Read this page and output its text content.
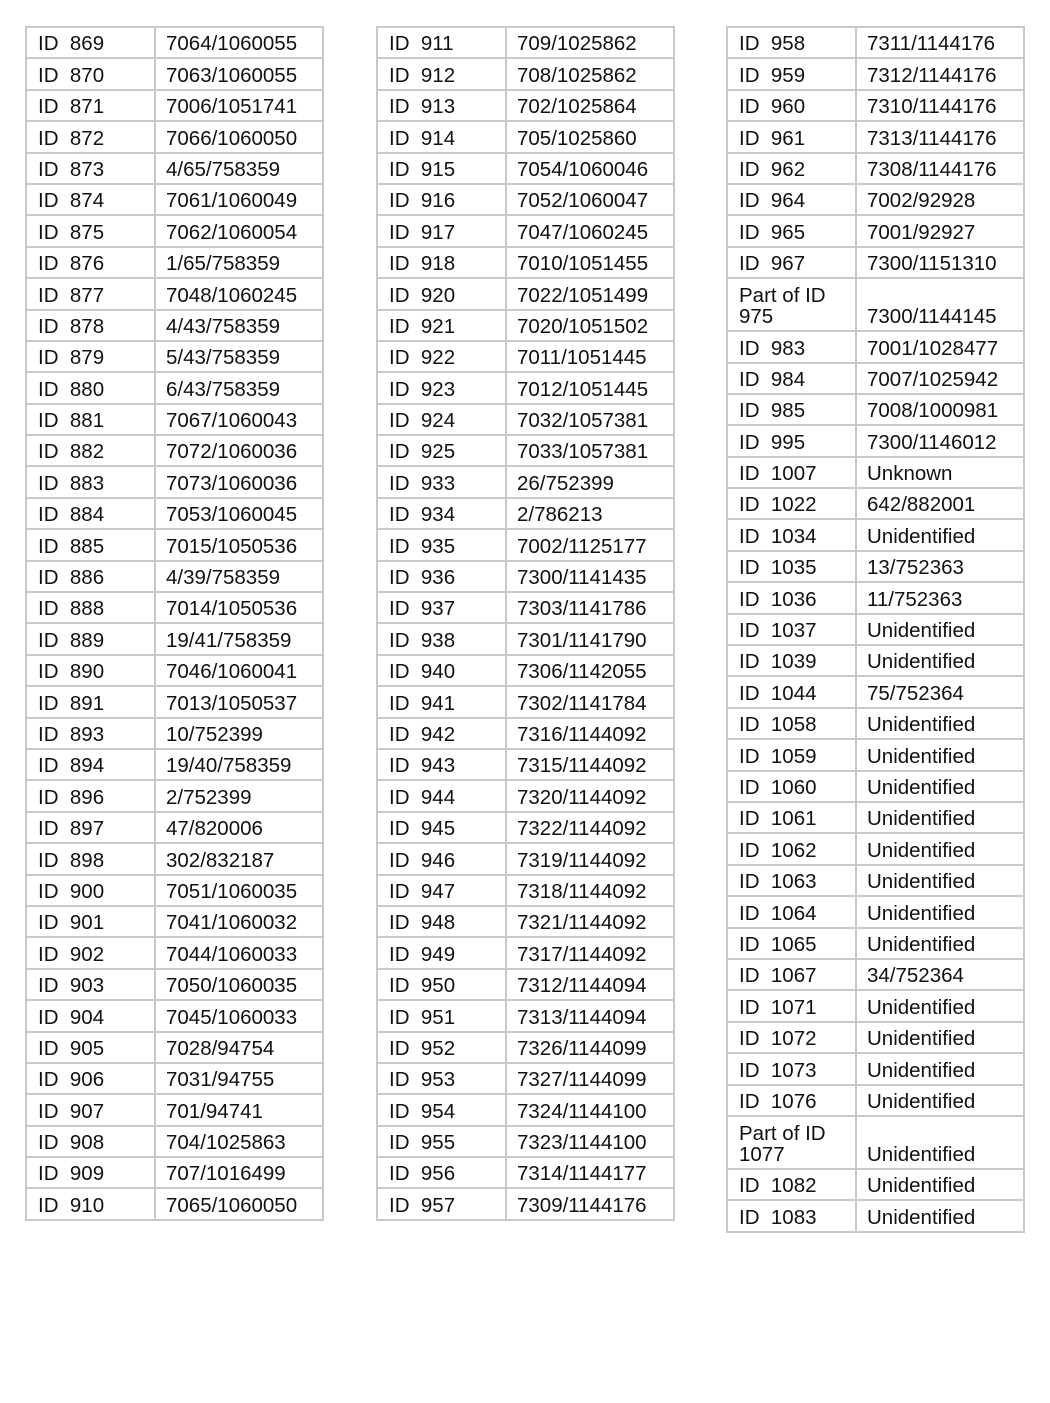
ID  869	7064/1060055
ID  870	7063/1060055
ID  871	7006/1051741
ID  872	7066/1060050
ID  873	4/65/758359
ID  874	7061/1060049
ID  875	7062/1060054
ID  876	1/65/758359
ID  877	7048/1060245
ID  878	4/43/758359
ID  879	5/43/758359
ID  880	6/43/758359
ID  881	7067/1060043
ID  882	7072/1060036
ID  883	7073/1060036
ID  884	7053/1060045
ID  885	7015/1050536
ID  886	4/39/758359
ID  888	7014/1050536
ID  889	19/41/758359
ID  890	7046/1060041
ID  891	7013/1050537
ID  893	10/752399
ID  894	19/40/758359
ID  896	2/752399
ID  897	47/820006
ID  898	302/832187
ID  900	7051/1060035
ID  901	7041/1060032
ID  902	7044/1060033
ID  903	7050/1060035
ID  904	7045/1060033
ID  905	7028/94754
ID  906	7031/94755
ID  907	701/94741
ID  908	704/1025863
ID  909	707/1016499
ID  910	7065/1060050
ID  911	709/1025862
ID  912	708/1025862
ID  913	702/1025864
ID  914	705/1025860
ID  915	7054/1060046
ID  916	7052/1060047
ID  917	7047/1060245
ID  918	7010/1051455
ID  920	7022/1051499
ID  921	7020/1051502
ID  922	7011/1051445
ID  923	7012/1051445
ID  924	7032/1057381
ID  925	7033/1057381
ID  933	26/752399
ID  934	2/786213
ID  935	7002/1125177
ID  936	7300/1141435
ID  937	7303/1141786
ID  938	7301/1141790
ID  940	7306/1142055
ID  941	7302/1141784
ID  942	7316/1144092
ID  943	7315/1144092
ID  944	7320/1144092
ID  945	7322/1144092
ID  946	7319/1144092
ID  947	7318/1144092
ID  948	7321/1144092
ID  949	7317/1144092
ID  950	7312/1144094
ID  951	7313/1144094
ID  952	7326/1144099
ID  953	7327/1144099
ID  954	7324/1144100
ID  955	7323/1144100
ID  956	7314/1144177
ID  957	7309/1144176
ID  958	7311/1144176
ID  959	7312/1144176
ID  960	7310/1144176
ID  961	7313/1144176
ID  962	7308/1144176
ID  964	7002/92928
ID  965	7001/92927
ID  967	7300/1151310
Part of ID
975	7300/1144145
ID  983	7001/1028477
ID  984	7007/1025942
ID  985	7008/1000981
ID  995	7300/1146012
ID  1007	Unknown
ID  1022	642/882001
ID  1034	Unidentified
ID  1035	13/752363
ID  1036	11/752363
ID  1037	Unidentified
ID  1039	Unidentified
ID  1044	75/752364
ID  1058	Unidentified
ID  1059	Unidentified
ID  1060	Unidentified
ID  1061	Unidentified
ID  1062	Unidentified
ID  1063	Unidentified
ID  1064	Unidentified
ID  1065	Unidentified
ID  1067	34/752364
ID  1071	Unidentified
ID  1072	Unidentified
ID  1073	Unidentified
ID  1076	Unidentified
Part of ID
1077	Unidentified
ID  1082	Unidentified
ID  1083	Unidentified
